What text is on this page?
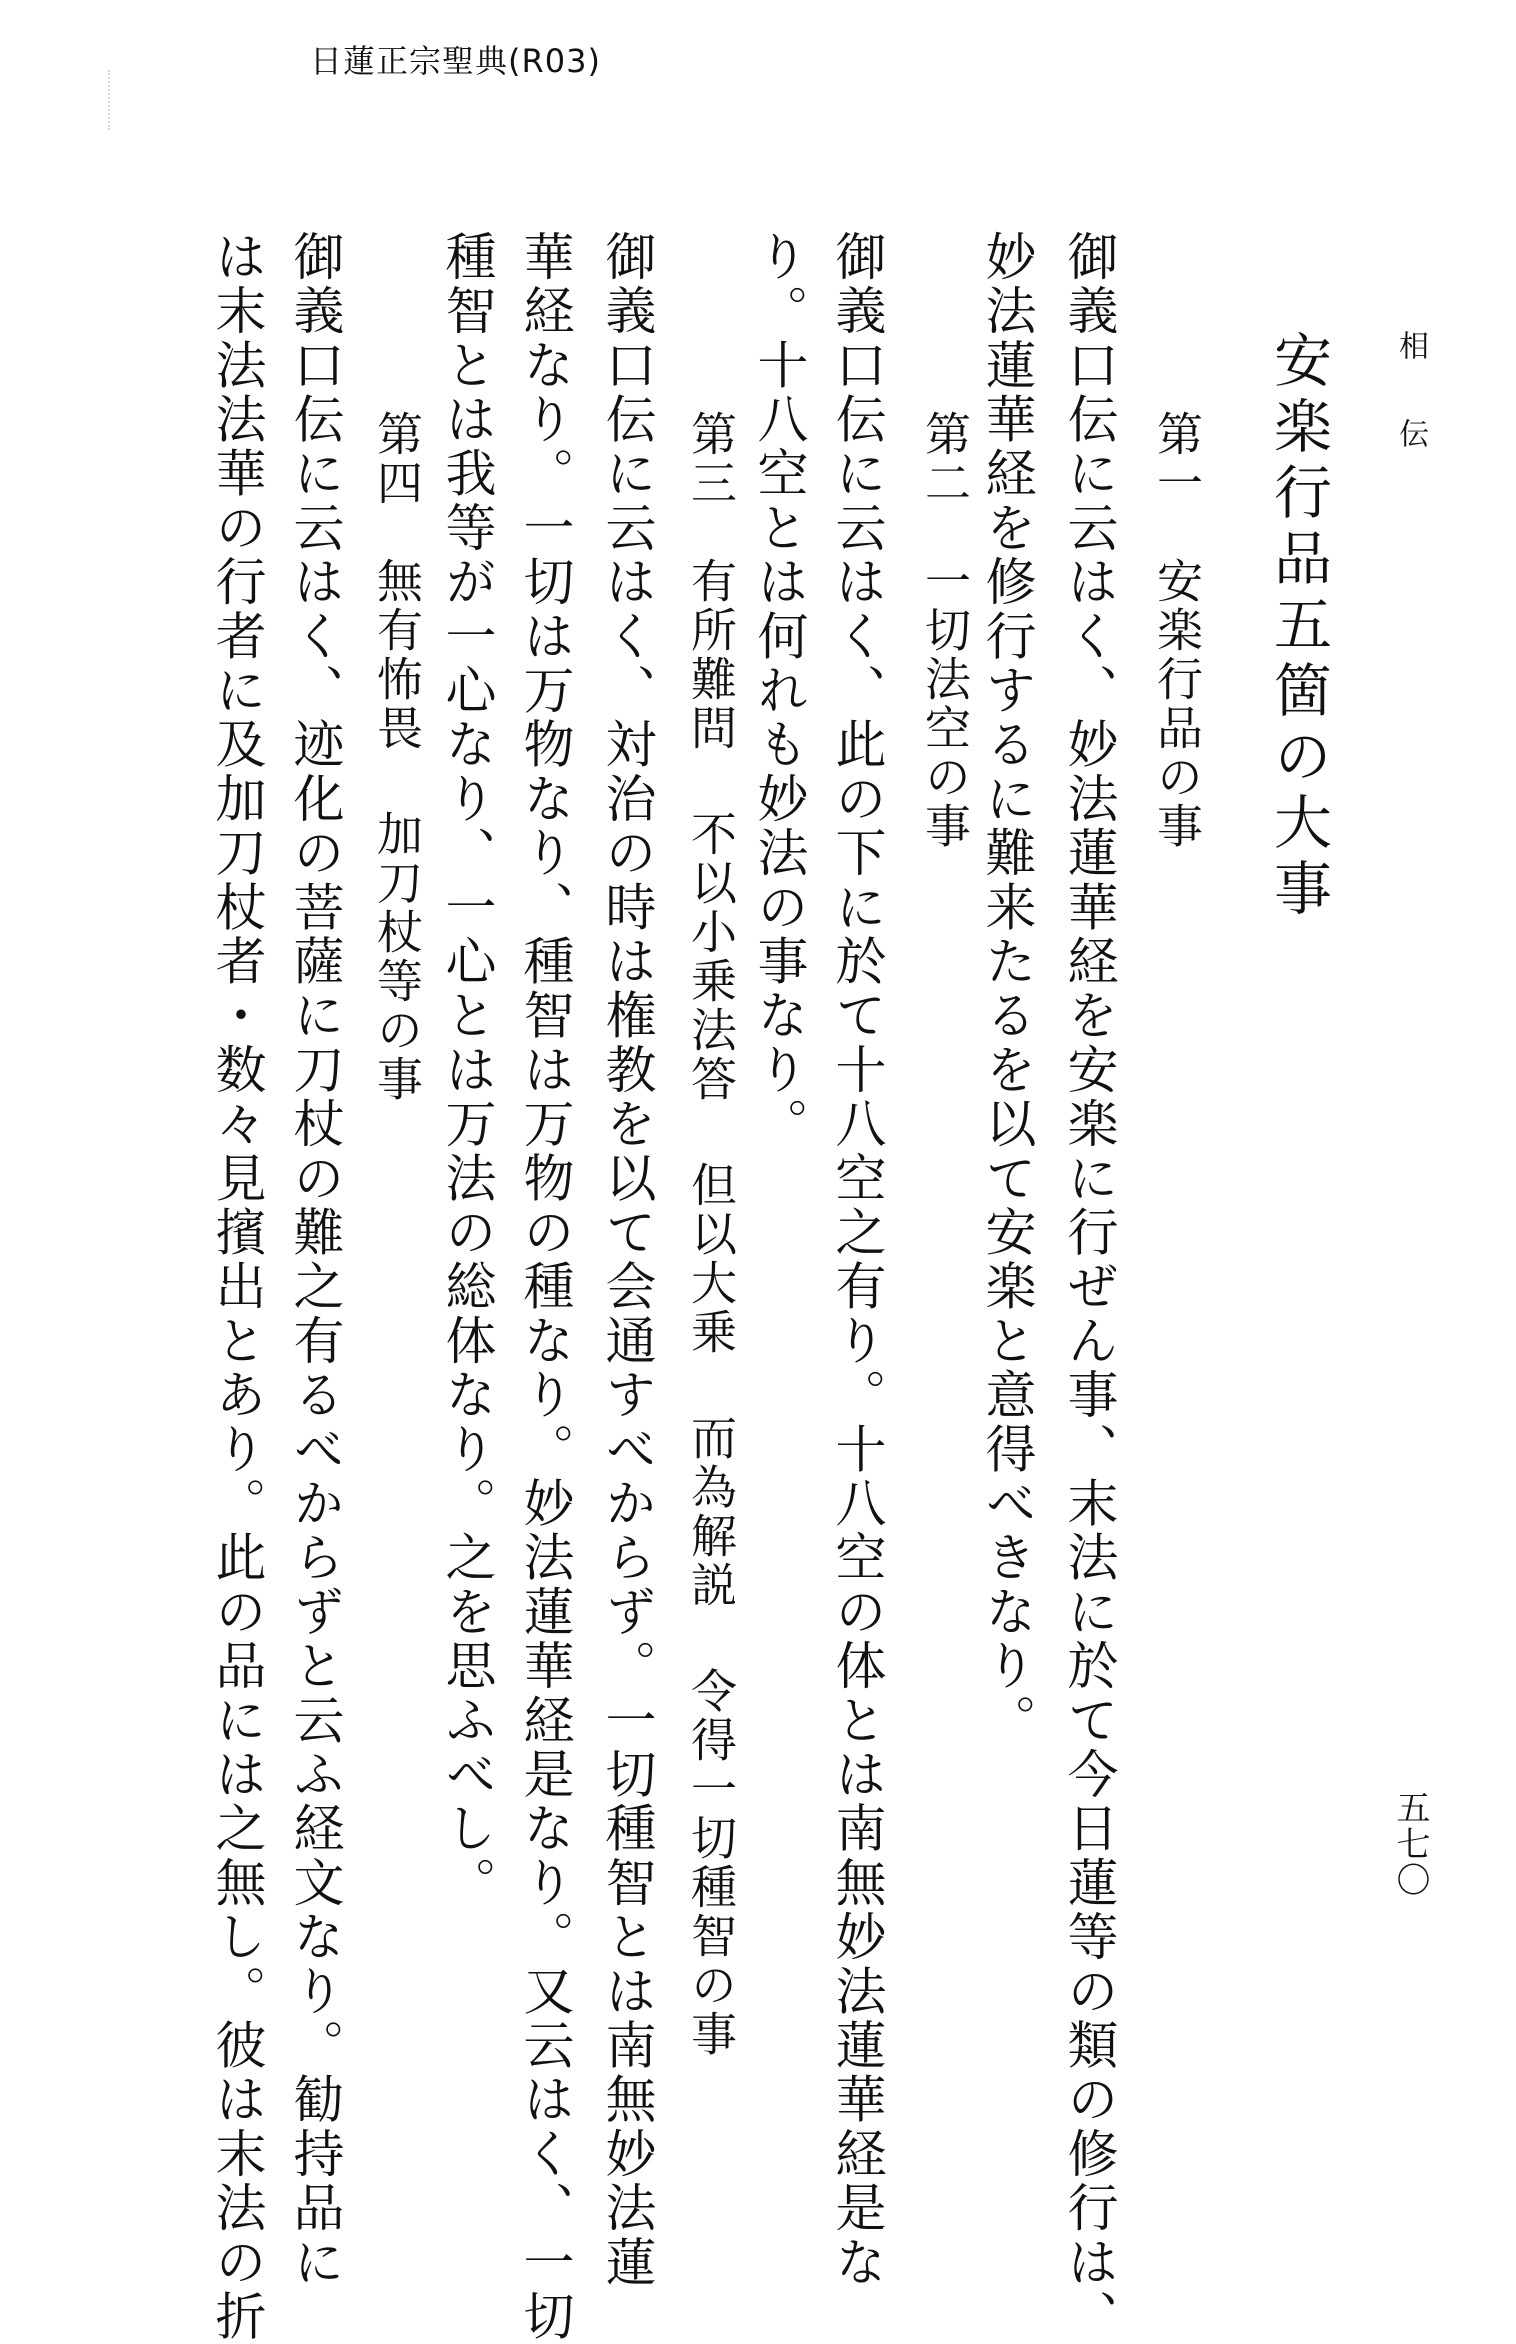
日蓮正宗聖典(R03)
相伝
五七〇
安楽行品五箇の大事
御義口伝に云はく、妙法蓮華経を安楽に行ぜん事、末法に於て今日蓮等の類の修行は、
妙法蓮華経を修行するに難来たるを以て安楽と意得べきなり。	第一　安楽行品の事
御義口伝に云はく、此の下に於て十八空之有り。十八空の体とは南無妙法蓮華経是な
り。十八空とは何れも妙法の事なり。 第二　一切法空の事
御義口伝に云はく、対治の時は権教を以て会通すべからず。一切種智とは南無妙法蓮
華経なり。一切は万物なり、種智は万物の種なり。妙法蓮華経是なり。又云はく、一切
種智とは我等が一心なり、一心とは万法の総体なり。之を思ふべし。	第三　有所難問 不以小乗法答 但以大乗 而為解説 令得一切種智の事
御義口伝に云はく、迹化の菩薩に刀杖の難之有るべからずと云ふ経文なり。勧持品に
は末法法華の行者に及加刀杖者・数々見擯出とあり。此の品には之無し。彼は末法の折 第四　無有怖畏 加刀杖等の事
